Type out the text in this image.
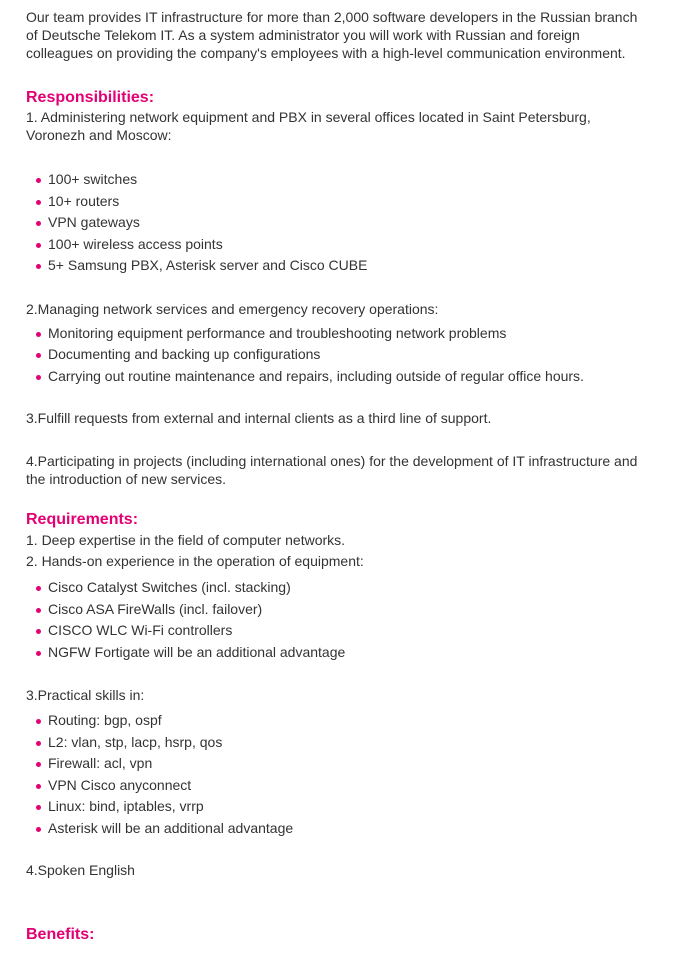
Our team provides IT infrastructure for more than 2,000 software developers in the Russian branch of Deutsche Telekom IT. As a system administrator you will work with Russian and foreign colleagues on providing the company's employees with a high-level communication environment.

Responsibilities:

1. Administering network equipment and PBX in several offices located in Saint Petersburg, Voronezh and Moscow:

100+ switches
10+ routers
VPN gateways
100+ wireless access points
5+ Samsung PBX, Asterisk server and Cisco CUBE

2.Managing network services and emergency recovery operations:

Monitoring equipment performance and troubleshooting network problems
Documenting and backing up configurations
Carrying out routine maintenance and repairs, including outside of regular office hours.

3.Fulfill requests from external and internal clients as a third line of support.

4.Participating in projects (including international ones) for the development of IT infrastructure and the introduction of new services.

Requirements:

1. Deep expertise in the field of computer networks.

2. Hands-on experience in the operation of equipment:

Cisco Catalyst Switches (incl. stacking)
Cisco ASA FireWalls (incl. failover)
CISCO WLC Wi-Fi controllers
NGFW Fortigate will be an additional advantage

3.Practical skills in:

Routing: bgp, ospf
L2: vlan, stp, lacp, hsrp, qos
Firewall: acl, vpn
VPN Cisco anyconnect
Linux: bind, iptables, vrrp
Asterisk will be an additional advantage

4.Spoken English

Benefits:
